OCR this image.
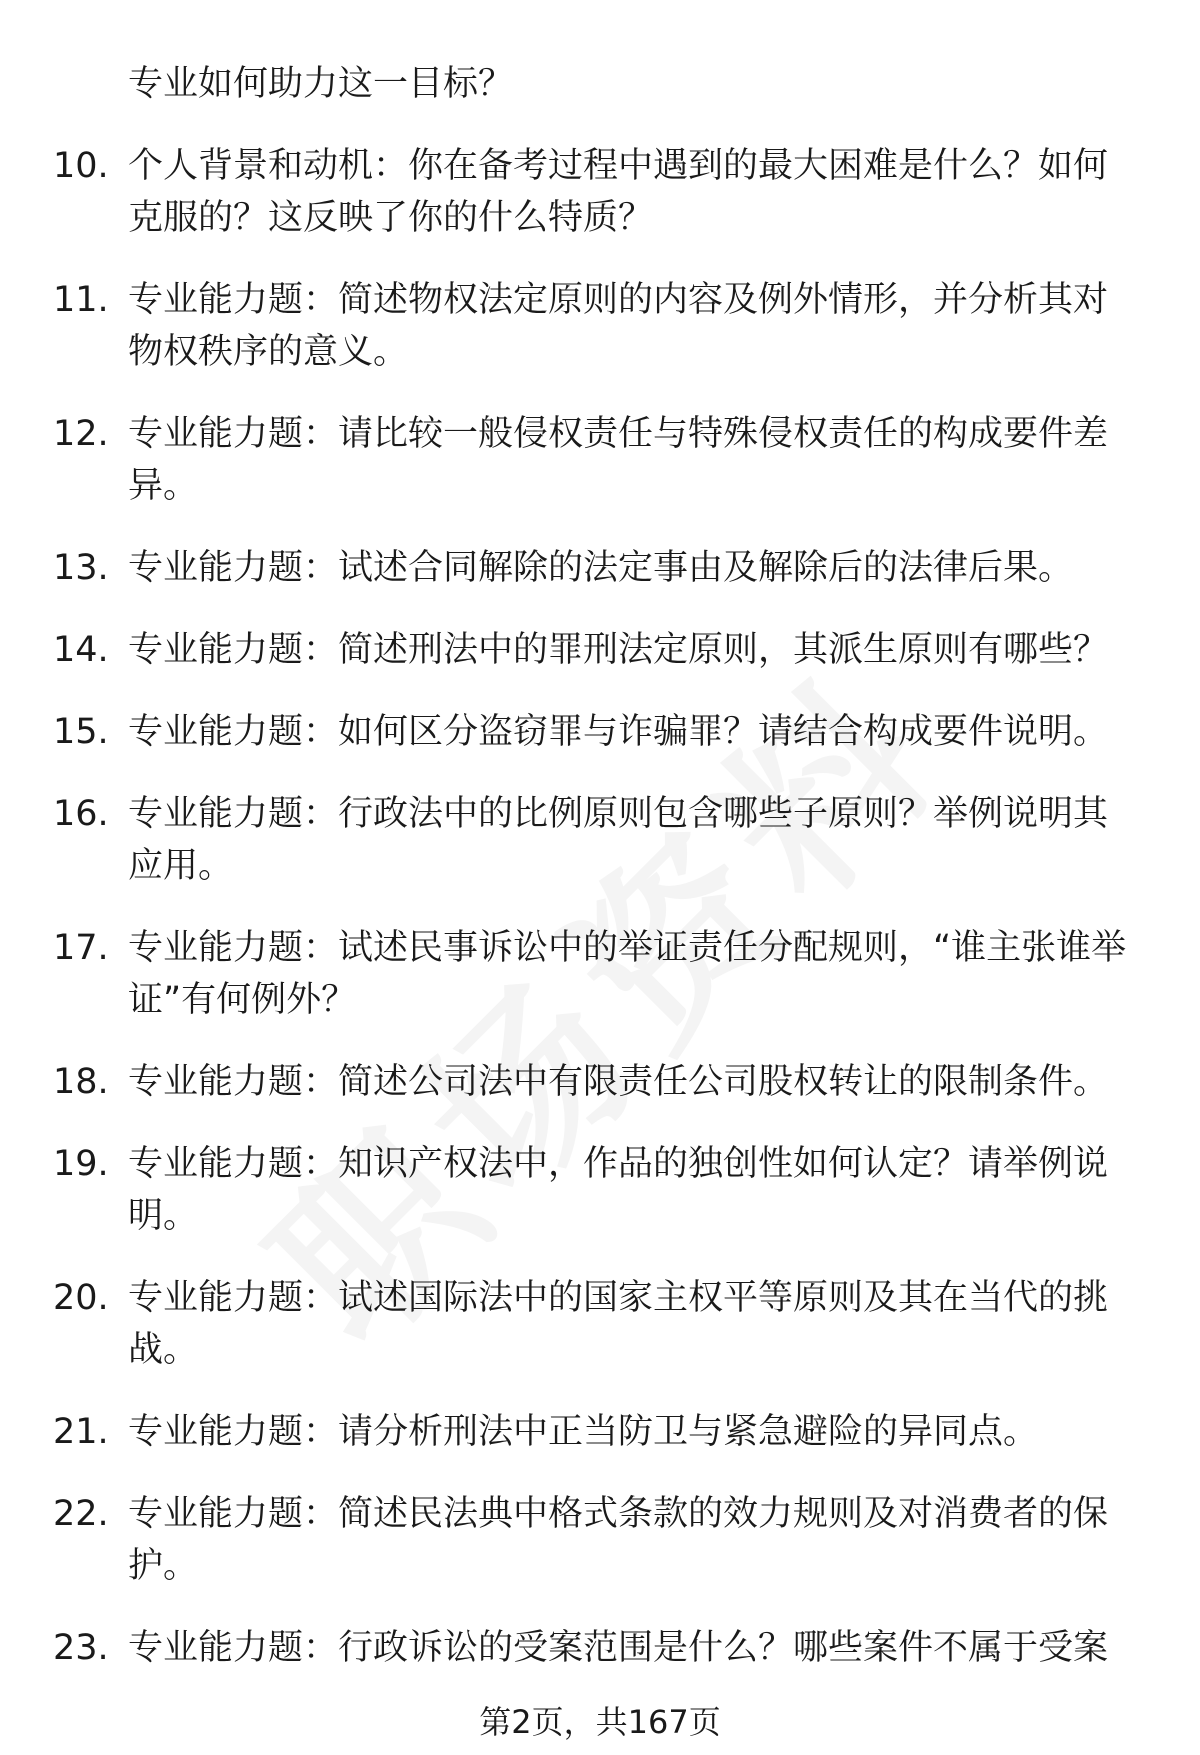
专业如何助力这一目标？
10. 个人背景和动机：你在备考过程中遇到的最大困难是什么？如何克服的？这反映了你的什么特质？
11. 专业能力题：简述物权法定原则的内容及例外情形，并分析其对物权秩序的意义。
12. 专业能力题：请比较一般侵权责任与特殊侵权责任的构成要件差异。
13. 专业能力题：试述合同解除的法定事由及解除后的法律后果。
14. 专业能力题：简述刑法中的罪刑法定原则，其派生原则有哪些？
15. 专业能力题：如何区分盗窃罪与诈骗罪？请结合构成要件说明。
16. 专业能力题：行政法中的比例原则包含哪些子原则？举例说明其应用。
17. 专业能力题：试述民事诉讼中的举证责任分配规则，“谁主张谁举证”有何例外？
18. 专业能力题：简述公司法中有限责任公司股权转让的限制条件。
19. 专业能力题：知识产权法中，作品的独创性如何认定？请举例说明。
20. 专业能力题：试述国际法中的国家主权平等原则及其在当代的挑战。
21. 专业能力题：请分析刑法中正当防卫与紧急避险的异同点。
22. 专业能力题：简述民法典中格式条款的效力规则及对消费者的保护。
23. 专业能力题：行政诉讼的受案范围是什么？哪些案件不属于受案
第2页，共167页
